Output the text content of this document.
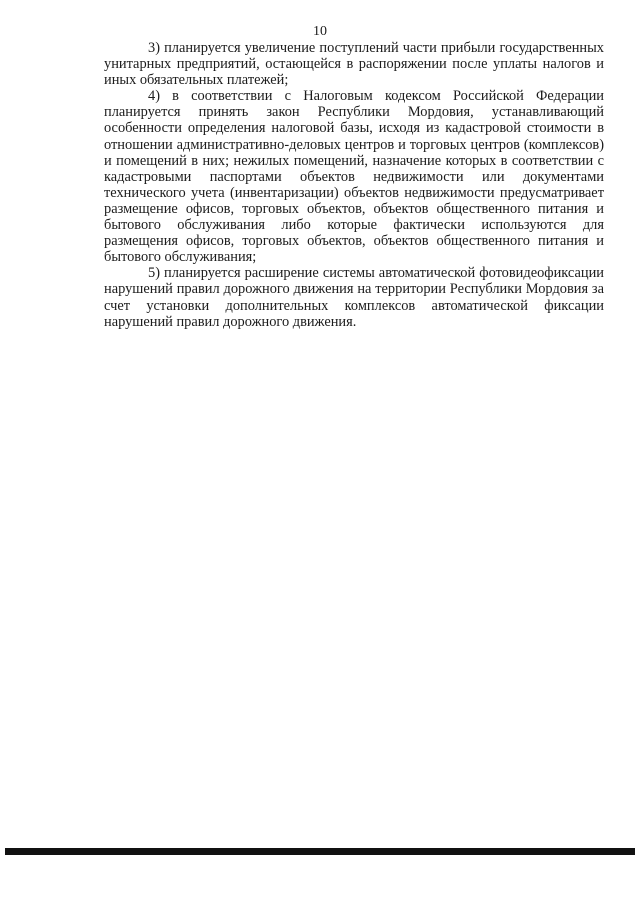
10

3) планируется увеличение поступлений части прибыли государственных унитарных предприятий, остающейся в распоряжении после уплаты налогов и иных обязательных платежей;

4) в соответствии с Налоговым кодексом Российской Федерации планируется принять закон Республики Мордовия, устанавливающий особенности определения налоговой базы, исходя из кадастровой стоимости в отношении административно-деловых центров и торговых центров (комплексов) и помещений в них; нежилых помещений, назначение которых в соответствии с кадастровыми паспортами объектов недвижимости или документами технического учета (инвентаризации) объектов недвижимости предусматривает размещение офисов, торговых объектов, объектов общественного питания и бытового обслуживания либо которые фактически используются для размещения офисов, торговых объектов, объектов общественного питания и бытового обслуживания;

5) планируется расширение системы автоматической фотовидеофиксации нарушений правил дорожного движения на территории Республики Мордовия за счет установки дополнительных комплексов автоматической фиксации нарушений правил дорожного движения.
